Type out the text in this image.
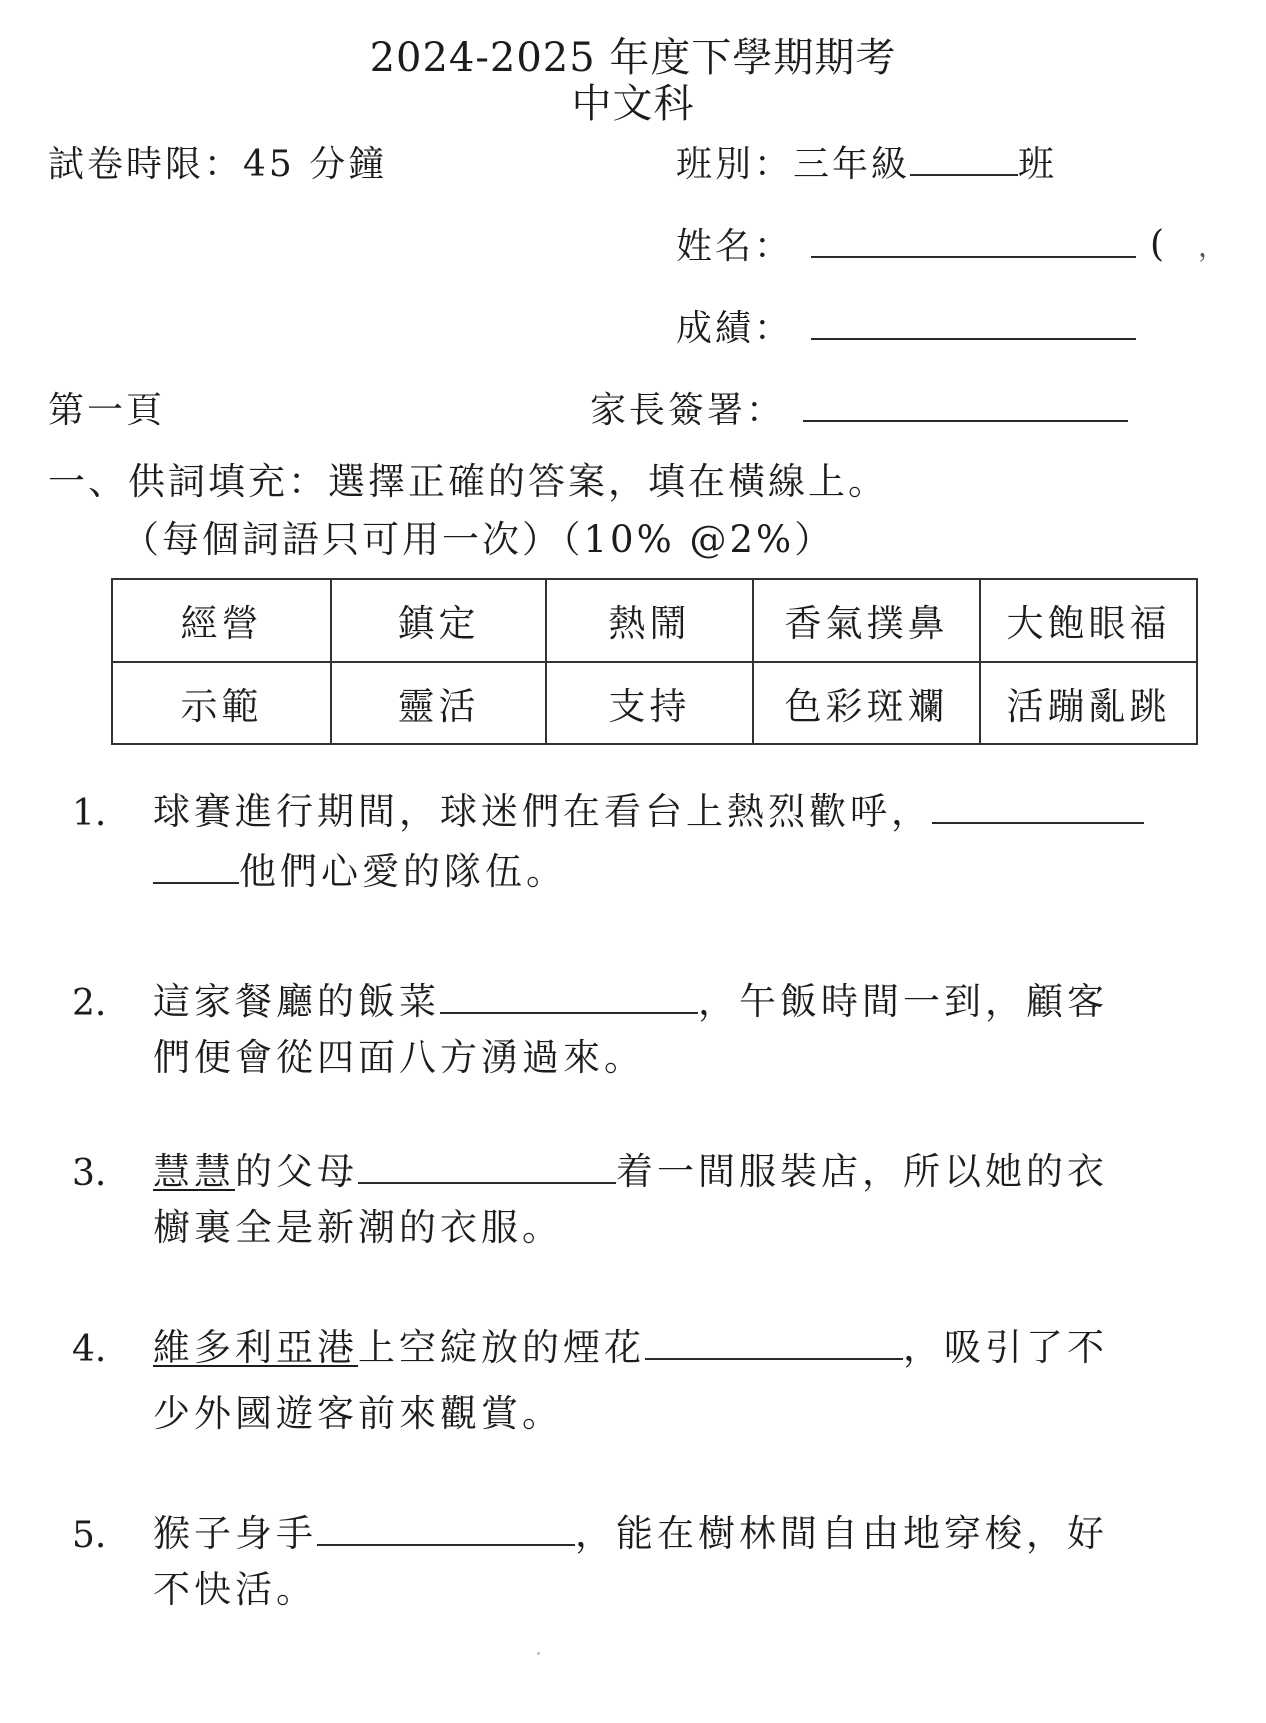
2024-2025 年度下學期期考
中文科
試卷時限：45 分鐘	班別：三年級	班
姓名：	( ，
成績：
第一頁	家長簽署：
一、供詞填充：選擇正確的答案，填在橫線上。
（每個詞語只可用一次）（10% @2%）
經營	鎮定	熱鬧	香氣撲鼻	大飽眼福
示範	靈活	支持	色彩斑斕	活蹦亂跳
1. 球賽進行期間，球迷們在看台上熱烈歡呼，
他們心愛的隊伍。
2. 這家餐廳的飯菜	，午飯時間一到，顧客
們便會從四面八方湧過來。
3. 慧慧的父母	着一間服裝店，所以她的衣
櫥裏全是新潮的衣服。
4. 維多利亞港上空綻放的煙花	，吸引了不
少外國遊客前來觀賞。
5. 猴子身手	，能在樹林間自由地穿梭，好
不快活。
